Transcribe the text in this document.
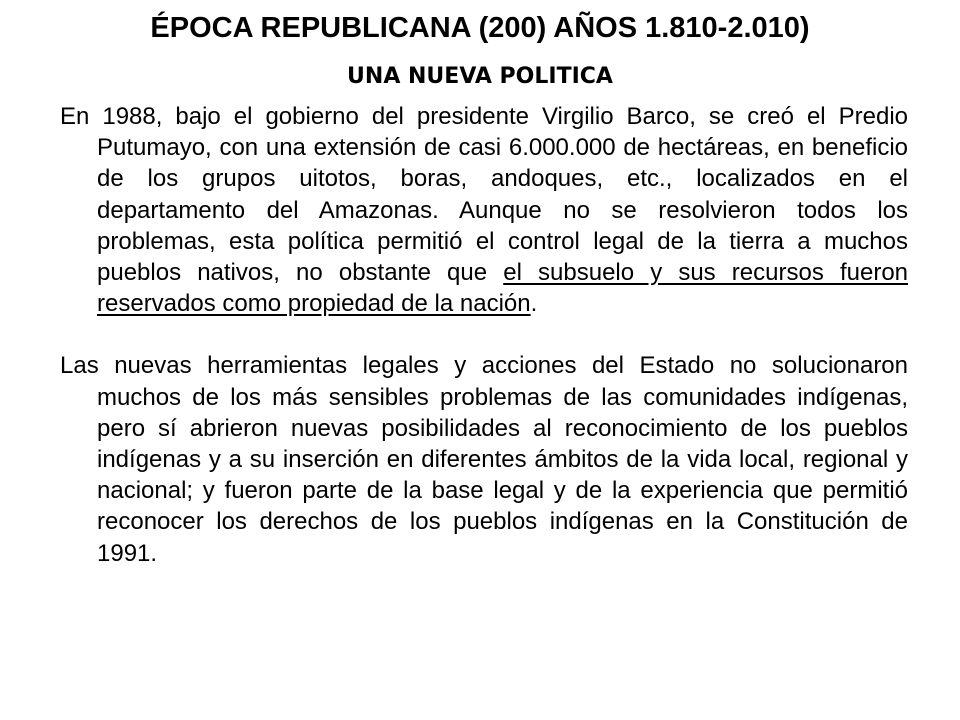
ÉPOCA REPUBLICANA (200) AÑOS 1.810-2.010)
UNA NUEVA POLITICA

En 1988, bajo el gobierno del presidente Virgilio Barco, se creó el Predio Putumayo, con una extensión de casi 6.000.000 de hectáreas, en beneficio de los grupos uitotos, boras, andoques, etc., localizados en el departamento del Amazonas. Aunque no se resolvieron todos los problemas, esta política permitió el control legal de la tierra a muchos pueblos nativos, no obstante que el subsuelo y sus recursos fueron reservados como propiedad de la nación.

Las nuevas herramientas legales y acciones del Estado no solucionaron muchos de los más sensibles problemas de las comunidades indígenas, pero sí abrieron nuevas posibilidades al reconocimiento de los pueblos indígenas y a su inserción en diferentes ámbitos de la vida local, regional y nacional; y fueron parte de la base legal y de la experiencia que permitió reconocer los derechos de los pueblos indígenas en la Constitución de 1991.
